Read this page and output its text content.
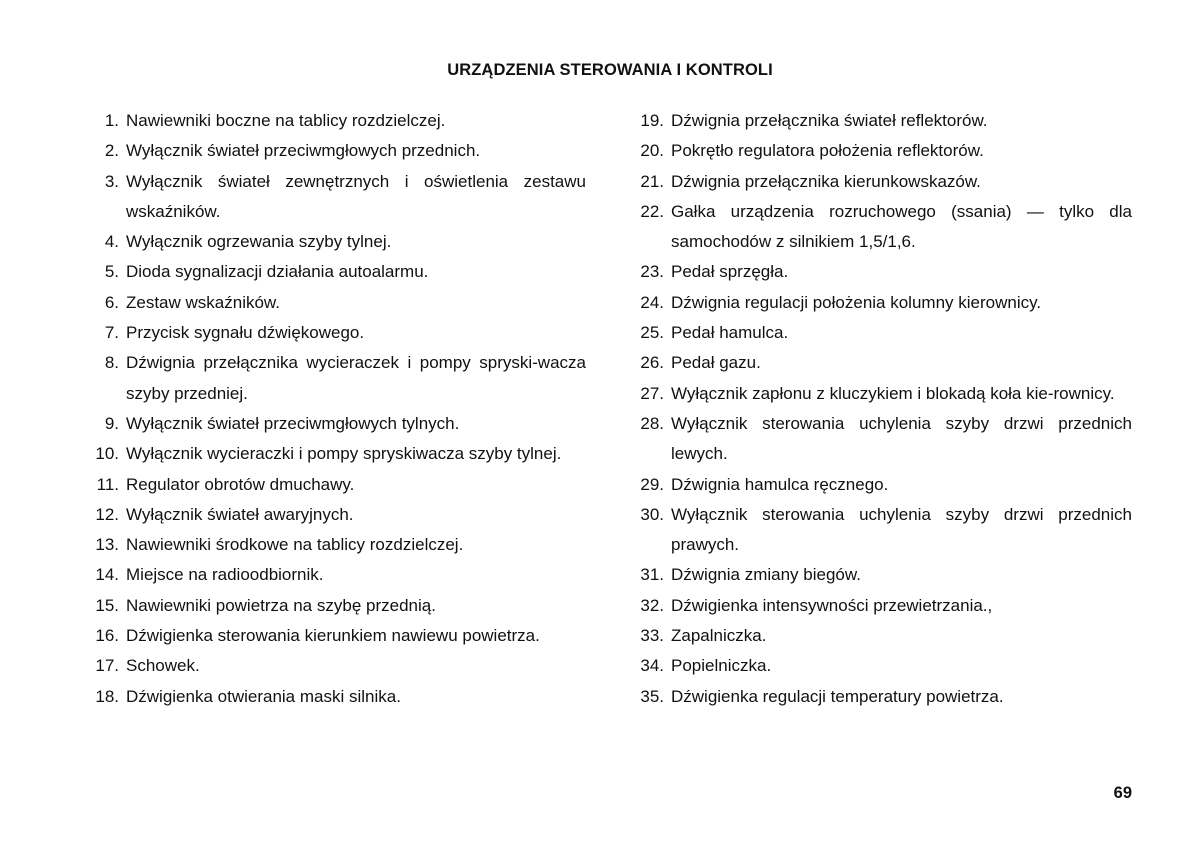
URZĄDZENIA STEROWANIA I KONTROLI
1. Nawiewniki boczne na tablicy rozdzielczej.
2. Wyłącznik świateł przeciwmgłowych przednich.
3. Wyłącznik świateł zewnętrznych i oświetlenia zestawu wskaźników.
4. Wyłącznik ogrzewania szyby tylnej.
5. Dioda sygnalizacji działania autoalarmu.
6. Zestaw wskaźników.
7. Przycisk sygnału dźwiękowego.
8. Dźwignia przełącznika wycieraczek i pompy spryski-wacza szyby przedniej.
9. Wyłącznik świateł przeciwmgłowych tylnych.
10. Wyłącznik wycieraczki i pompy spryskiwacza szyby tylnej.
11. Regulator obrotów dmuchawy.
12. Wyłącznik świateł awaryjnych.
13. Nawiewniki środkowe na tablicy rozdzielczej.
14. Miejsce na radioodbiornik.
15. Nawiewniki powietrza na szybę przednią.
16. Dźwigienka sterowania kierunkiem nawiewu powietrza.
17. Schowek.
18. Dźwigienka otwierania maski silnika.
19. Dźwignia przełącznika świateł reflektorów.
20. Pokrętło regulatora położenia reflektorów.
21. Dźwignia przełącznika kierunkowskazów.
22. Gałka urządzenia rozruchowego (ssania) — tylko dla samochodów z silnikiem 1,5/1,6.
23. Pedał sprzęgła.
24. Dźwignia regulacji położenia kolumny kierownicy.
25. Pedał hamulca.
26. Pedał gazu.
27. Wyłącznik zapłonu z kluczykiem i blokadą koła kie-rownicy.
28. Wyłącznik sterowania uchylenia szyby drzwi przednich lewych.
29. Dźwignia hamulca ręcznego.
30. Wyłącznik sterowania uchylenia szyby drzwi przednich prawych.
31. Dźwignia zmiany biegów.
32. Dźwigienka intensywności przewietrzania.,
33. Zapalniczka.
34. Popielniczka.
35. Dźwigienka regulacji temperatury powietrza.
69
